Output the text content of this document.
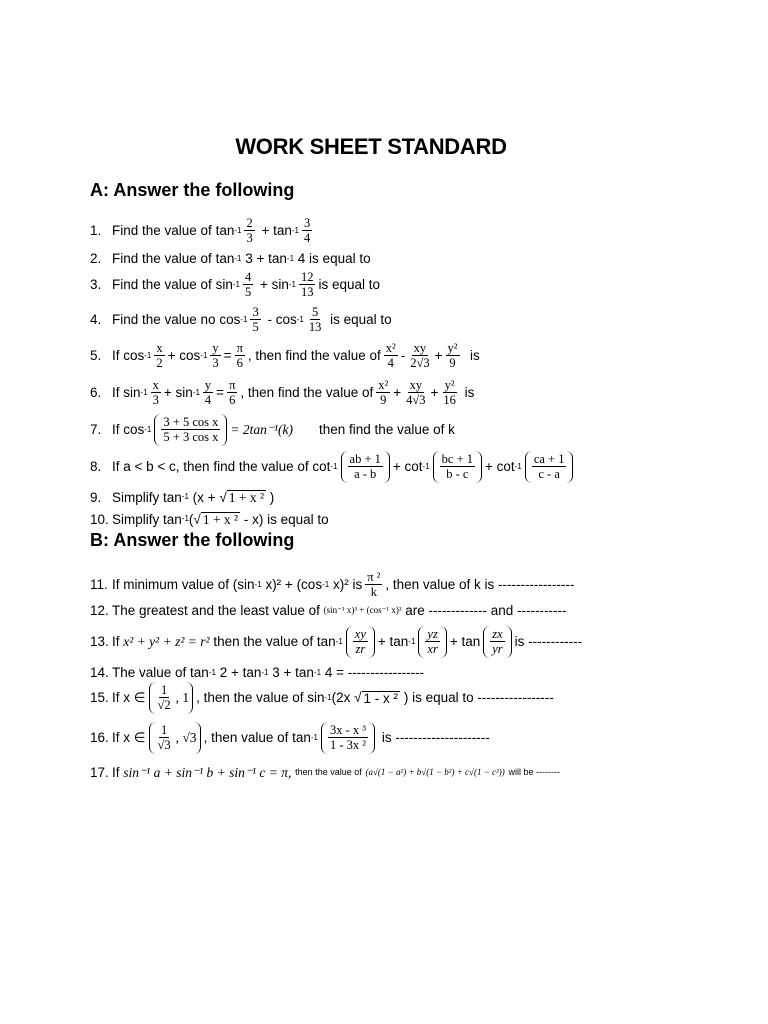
WORK SHEET STANDARD
A: Answer the following
1. Find the value of $\tan -1 \frac{2}{3} + \tan -1 \frac{3}{4}$
2. Find the value of tan -1
3 + tan -1
4 is equal to
3. Find the value of $\sin -1 \frac{4}{5} + \sin -1 \frac{12}{13}$ is equal to
4. Find the value no $\cos -1 \frac{3}{5}$ - $\cos -1 \frac{5}{13}$
is equal to
5. If $\cos -1 \frac{x}{2} + \cos -1 \frac{y}{3} = \frac{\pi}{6}$ , then find the value of $\frac{\text{x²}}{4} - \frac{xy}{2√3} + \frac{\text{y²}}{9}$
is
6. If $\sin -1 \frac{x}{3} + \sin -1 \frac{y}{4} = \frac{\pi}{6}$ , then find the value of $\frac{\text{x²}}{9} + \frac{xy}{4√3} + \frac{\text{y²}}{16}$
is
7. If $\cos -1 \frac{\text{3 + 5 cos x}}{\text{5 + 3 cos x}} = 2\tan^{-1}(k)$ then find the value of k
8. If a < b < c, then find the value of $\cot -1 \frac{ab + 1}{a - b} + \cot -1 \frac{bc + 1}{b - c} + \cot -1 \frac{ca + 1}{c - a}$
9. Simplify tan -1
(x + √ 1 + x ²
)
10. Simplify tan -1 (√ 1 + x ²
- x) is equal to
B: Answer the following
11. If minimum value of (sin -1
x)² + (cos -1
x)² is $\frac{\text{π ²}}{k}$ , then value of k is -----------------
12. The greatest and the least value of
(sin⁻¹ x)³ + (cos⁻¹ x)³
are ------------- and -----------
13. If
x² + y² + z² = r²
then the value of $\tan -1 \frac{xy}{zr} + \tan -1 \frac{yz}{xr} + \tan \frac{zx}{yr}$ is ------------
14. The value of tan -1
2 + tan -1
3 + tan -1
4 = -----------------
15. If x ∈ $\frac{1}{√2}$ , 1 , then the value of sin -1 (2x √ 1 - x ²
) is equal to -----------------
16. If x ∈ $\frac{1}{√3}$ , √3 , then value of $\tan -1 \frac{\text{3x - x ³}}{\text{1 - 3x ²}}$
is ---------------------
17. If
sin⁻¹ a + sin⁻¹ b + sin⁻¹ c = π,
then the value of
(a√(1 − a²) + b√(1 − b²) + c√(1 − c²))
will be --------
